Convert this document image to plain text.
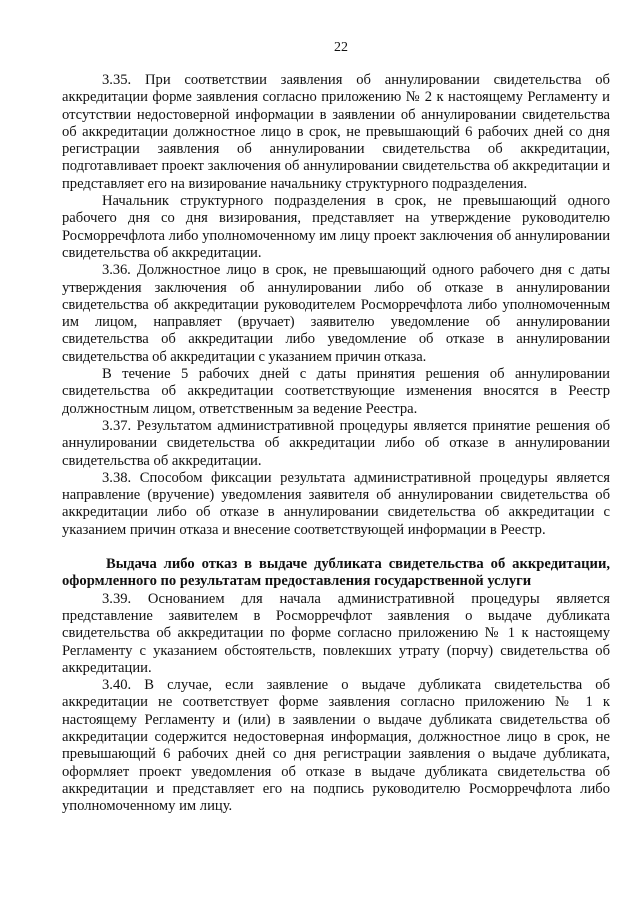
22

3.35. При соответствии заявления об аннулировании свидетельства об аккредитации форме заявления согласно приложению № 2 к настоящему Регламенту и отсутствии недостоверной информации в заявлении об аннулировании свидетельства об аккредитации должностное лицо в срок, не превышающий 6 рабочих дней со дня регистрации заявления об аннулировании свидетельства об аккредитации, подготавливает проект заключения об аннулировании свидетельства об аккредитации и представляет его на визирование начальнику структурного подразделения.

Начальник структурного подразделения в срок, не превышающий одного рабочего дня со дня визирования, представляет на утверждение руководителю Росморречфлота либо уполномоченному им лицу проект заключения об аннулировании свидетельства об аккредитации.

3.36. Должностное лицо в срок, не превышающий одного рабочего дня с даты утверждения заключения об аннулировании либо об отказе в аннулировании свидетельства об аккредитации руководителем Росморречфлота либо уполномоченным им лицом, направляет (вручает) заявителю уведомление об аннулировании свидетельства об аккредитации либо уведомление об отказе в аннулировании свидетельства об аккредитации с указанием причин отказа.

В течение 5 рабочих дней с даты принятия решения об аннулировании свидетельства об аккредитации соответствующие изменения вносятся в Реестр должностным лицом, ответственным за ведение Реестра.

3.37. Результатом административной процедуры является принятие решения об аннулировании свидетельства об аккредитации либо об отказе в аннулировании свидетельства об аккредитации.

3.38. Способом фиксации результата административной процедуры является направление (вручение) уведомления заявителя об аннулировании свидетельства об аккредитации либо об отказе в аннулировании свидетельства об аккредитации с указанием причин отказа и внесение соответствующей информации в Реестр.

Выдача либо отказ в выдаче дубликата свидетельства об аккредитации, оформленного по результатам предоставления государственной услуги

3.39. Основанием для начала административной процедуры является представление заявителем в Росморречфлот заявления о выдаче дубликата свидетельства об аккредитации по форме согласно приложению № 1 к настоящему Регламенту с указанием обстоятельств, повлекших утрату (порчу) свидетельства об аккредитации.

3.40. В случае, если заявление о выдаче дубликата свидетельства об аккредитации не соответствует форме заявления согласно приложению № 1 к настоящему Регламенту и (или) в заявлении о выдаче дубликата свидетельства об аккредитации содержится недостоверная информация, должностное лицо в срок, не превышающий 6 рабочих дней со дня регистрации заявления о выдаче дубликата, оформляет проект уведомления об отказе в выдаче дубликата свидетельства об аккредитации и представляет его на подпись руководителю Росморречфлота либо уполномоченному им лицу.
